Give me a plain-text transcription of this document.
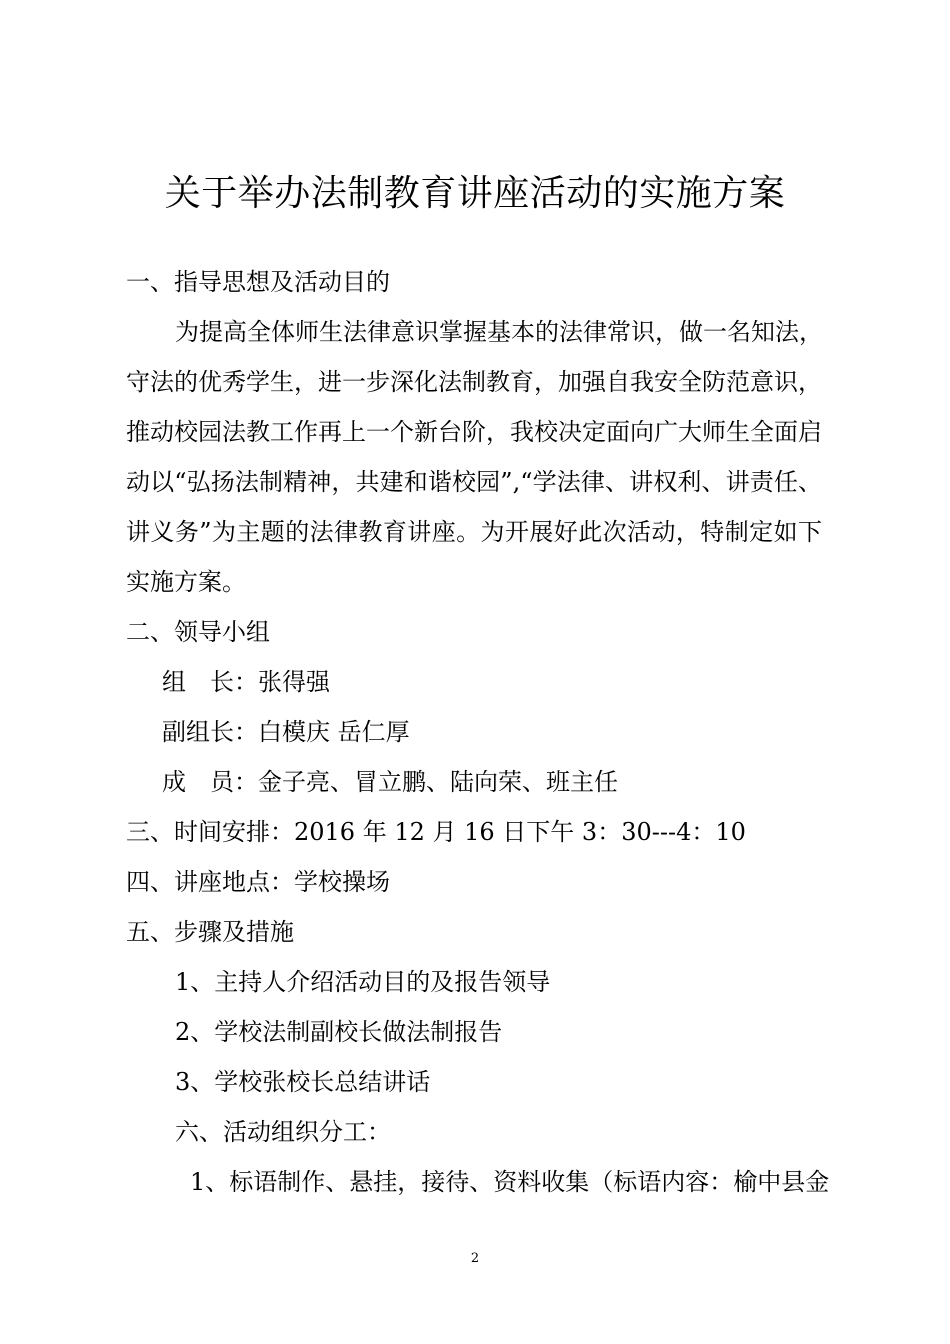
关于举办法制教育讲座活动的实施方案
一、指导思想及活动目的
为提高全体师生法律意识掌握基本的法律常识，做一名知法，
守法的优秀学生，进一步深化法制教育，加强自我安全防范意识，
推动校园法教工作再上一个新台阶，我校决定面向广大师生全面启
动以“弘扬法制精神，共建和谐校园”,“学法律、讲权利、讲责任、
讲义务”为主题的法律教育讲座。为开展好此次活动，特制定如下
实施方案。
二、领导小组
组　长：张得强
副组长：白模庆 岳仁厚
成　员：金子亮、冒立鹏、陆向荣、班主任
三、时间安排：2016 年 12 月 16 日下午 3：30---4：10
四、讲座地点：学校操场
五、步骤及措施
1、主持人介绍活动目的及报告领导
2、学校法制副校长做法制报告
3、学校张校长总结讲话
六、活动组织分工：
1、标语制作、悬挂，接待、资料收集（标语内容：榆中县金
2
